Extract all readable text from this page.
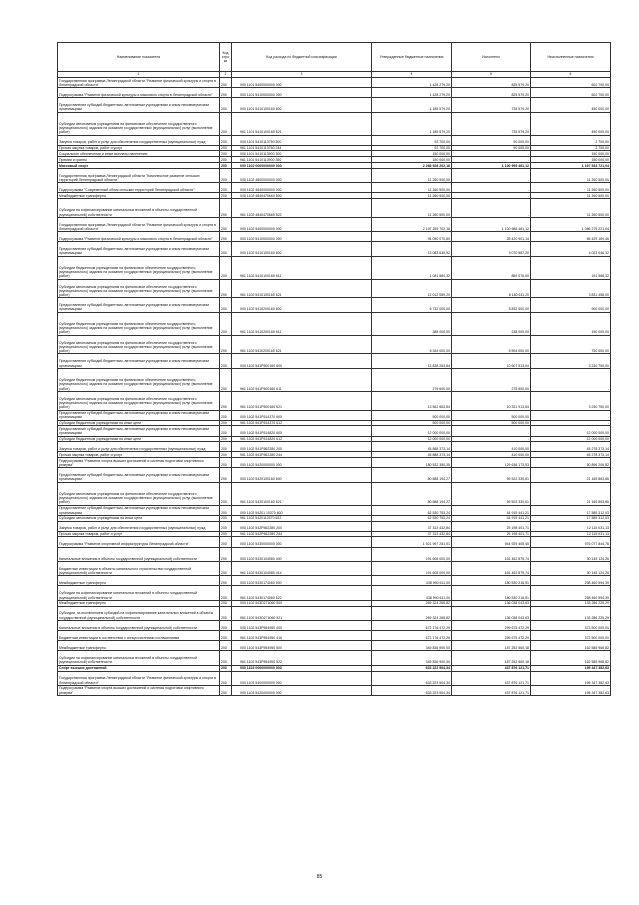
Наименование показателя	Код стро ки	Код расхода по бюджетной классификации	Утвержденные бюджетные назначения	Исполнено	Неисполненные назначения
1	2	3	4	5	6
Государственная программа Ленинградской области "Развитие физической культуры и спорта в Ленинградской области"	200	000 1101 5400000000 000	1 428 279,20	825 579,20	602 700,00
Подпрограмма "Развитие физической культуры и массового спорта в Ленинградской области"	200	000 1101 5410000000 000	1 428 279,20	825 579,20	602 700,00
Предоставление субсидий бюджетным, автономным учреждениям и иным некоммерческим организациям	200	000 1101 5410100160 600	1 185 579,20	735 579,20	450 000,00
Субсидии автономным учреждениям на финансовое обеспечение государственного (муниципального) задания на оказание государственных (муниципальных) услуг (выполнение работ)	200	961 1101 5410100160 621	1 185 579,20	735 579,20	450 000,00
Закупка товаров, работ и услуг для обеспечения государственных (муниципальных) нужд	200	000 1101 5410113760 200	92 700,00	90 000,00	2 700,00
Прочая закупка товаров, работ и услуг	200	961 1101 5410113760 244	92 700,00	90 000,00	2 700,00
Социальное обеспечение и иные выплаты населению	200	000 1101 5410113900 300	150 000,00	-	150 000,00
Премии и гранты	200	961 1101 5410113900 350	150 000,00	-	150 000,00
Массовый спорт	200	000 1102 0000000000 000	2 268 528 202,16	1 100 995 481,12	1 167 533 721,04
Государственная программа Ленинградской области "Комплексное развитие сельских территорий Ленинградской области"	200	000 1102 4800000000 000	11 260 500,00	-	11 260 500,00
Подпрограмма "Современный облик сельских территорий Ленинградской области"	200	000 1102 4840000000 000	11 260 500,00	-	11 260 500,00
Межбюджетные трансферты	200	000 1102 4840470660 500	11 260 500,00	-	11 260 500,00
Субсидии на софинансирование капитальных вложений в объекты государственной (муниципальной) собственности	200	961 1102 4840470660 522	11 260 500,00	-	11 260 500,00
Государственная программа Ленинградской области "Развитие физической культуры и спорта в Ленинградской области"	200	000 1102 5400000000 000	2 197 259 702,16	1 100 988 481,12	1 086 275 221,04
Подпрограмма "Развитие физической культуры и массового спорта в Ленинградской области"	200	000 1102 5410000000 000	94 050 070,80	28 420 901,14	65 429 169,46
Предоставление субсидий бюджетным, автономным учреждениям и иным некоммерческим организациям	200	000 1102 5410100160 600	13 083 630,92	9 070 587,20	4 023 046,32
Субсидии бюджетным учреждениям на финансовое обеспечение государственного (муниципального) задания на оказание государственных (муниципальных) услуг (выполнение работ)	200	961 1102 5410100160 611	1 081 584,32	889 076,00	191 588,32
Субсидии автономным учреждениям на финансовое обеспечение государственного (муниципального) задания на оказание государственных (муниципальных) услуг (выполнение работ)	200	961 1102 5410100160 621	12 012 089,20	8 180 611,20	3 831 458,00
Предоставление субсидий бюджетным, автономным учреждениям и иным некоммерческим организациям	200	000 1102 5410200160 600	6 732 000,00	5 832 000,00	900 000,00
Субсидии бюджетным учреждениям на финансовое обеспечение государственного (муниципального) задания на оказание государственных (муниципальных) услуг (выполнение работ)	200	961 1102 5410200160 611	388 000,00	238 000,00	150 000,00
Субсидии автономным учреждениям на финансовое обеспечение государственного (муниципального) задания на оказание государственных (муниципальных) услуг (выполнение работ)	200	961 1102 5410200160 621	6 344 000,00	5 594 000,00	750 000,00
Предоставление субсидий бюджетным, автономным учреждениям и иным некоммерческим организациям	200	000 1102 541P500160 600	13 838 263,84	10 607 513,04	3 230 750,00
Субсидии бюджетным учреждениям на финансовое обеспечение государственного (муниципального) задания на оказание государственных (муниципальных) услуг (выполнение работ)	200	961 1102 541P500160 611	275 600,00	275 600,00	-
Субсидии автономным учреждениям на финансовое обеспечение государственного (муниципального) задания на оказание государственных (муниципальных) услуг (выполнение работ)	200	961 1102 541P500160 621	13 562 663,84	10 331 913,84	3 230 750,00
Предоставление субсидий бюджетным, автономным учреждениям и иным некоммерческим организациям	200	000 1102 541P514370 600	500 000,00	500 000,00	-
Субсидии бюджетным учреждениям на иные цели	200	961 1102 541P514370 612	500 000,00	500 000,00	-
Предоставление субсидий бюджетным, автономным учреждениям и иным некоммерческим организациям	200	000 1102 541P514820 600	12 000 000,00	-	12 000 000,00
Субсидии бюджетным учреждениям на иные цели	200	961 1102 541P514820 612	12 000 000,00	-	12 000 000,00
Закупка товаров, работ и услуг для обеспечения государственных (муниципальных) нужд	200	000 1102 541P562280 200	45 888 373,14	410 000,00	45 278 373,14
Прочая закупка товаров, работ и услуг	200	961 1102 541P562280 244	45 888 373,14	410 000,00	45 278 373,14
Подпрограмма "Развитие спорта высших достижений и системы подготовки спортивного резерва"	200	000 1102 5420000000 000	180 532 380,35	129 636 173,53	50 896 206,82
Предоставление субсидий бюджетным, автономным учреждениям и иным некоммерческим организациям	200	000 1102 5420100160 600	80 688 194,27	59 522 330,61	21 165 863,66
Субсидии автономным учреждениям на финансовое обеспечение государственного (муниципального) задания на оказание государственных (муниципальных) услуг (выполнение работ)	200	961 1102 5420100160 621	80 688 194,27	59 522 330,61	21 165 863,66
Предоставление субсидий бюджетным, автономным учреждениям и иным некоммерческим организациям	200	000 1102 54201 10370 600	62 530 753,24	44 915 441,21	17 585 312,03
Субсидии автономным учреждениям на иные цели	200	961 1102 5420110370 622	62 530 753,24	44 915 441,21	17 585 312,03
Закупка товаров, работ и услуг для обеспечения государственных (муниципальных) нужд	200	000 1102 542P562280 200	37 313 432,84	25 198 401,71	12 115 031,13
Прочая закупка товаров, работ и услуг	200	961 1102 542P562280 244	37 313 432,84	25 198 401,71	12 115 031,13
Подпрограмма "Развитие спортивной инфраструктуры Ленинградской области"	200	000 1102 5430000000 000	1 921 997 251,01	944 929 405,45	976 077 844,76
Капитальные вложения в объекты государственной (муниципальной) собственности	200	000 1102 5430104080 400	191 608 000,00	161 462 875,74	30 145 124,26
Бюджетные инвестиции в объекты капитального строительства государственной (муниципальной) собственности	200	961 1102 5430104080 414	191 608 000,00	161 462 875,74	30 145 124,26
Межбюджетные трансферты	200	000 1102 5430174060 500	438 990 611,00	180 530 216,51	258 460 594,39
Субсидии на софинансирование капитальных вложений в объекты государственной (муниципальной) собственности	200	961 1102 5430174060 522	438 990 611,00	180 530 216,51	258 460 594,39
Межбюджетные трансферты	200	000 1102 543D274060 500	269 324 265,82	136 038 043,63	133 286 225,29
Субсидии, за исключением субсидий на софинансирование капитальных вложений в объекты государственной (муниципальной) собственности	200	961 1102 543D274060 521	269 324 265,82	136 038 043,63	133 286 225,29
Капитальные вложения в объекты государственной (муниципальной) собственности	200	000 1102 543P554950 400	672 176 472,29	299 675 472,29	373 500 000,00
Бюджетные инвестиции в соответствии с концессионными соглашениями	200	961 1102 543P554950 416	672 176 472,29	299 675 472,29	372 500 000,00
Межбюджетные трансферты	200	000 1102 543P554950 500	349 836 900,00	187 252 560,18	162 585 966,82
Субсидии на софинансирование капитальных вложений в объекты государственной (муниципальной) собственности	200	961 1102 543P554950 522	349 836 900,00	187 252 560,18	162 585 966,82
Спорт высших достижений	200	000 1103 0000000000 000	633 222 504,34	437 876 121,71	195 347 382,63
Государственная программа Ленинградской области "Развитие физической культуры и спорта в Ленинградской области"	200	000 1103 5400000000 000	633 223 504,34	437 876 121,71	195 347 382,63
Подпрограмма "Развитие спорта высших достижений и системы подготовки спортивного резерва"	200	000 1103 5420000000 000	633 223 504,34	437 876 121,71	195 347 382,63
85
